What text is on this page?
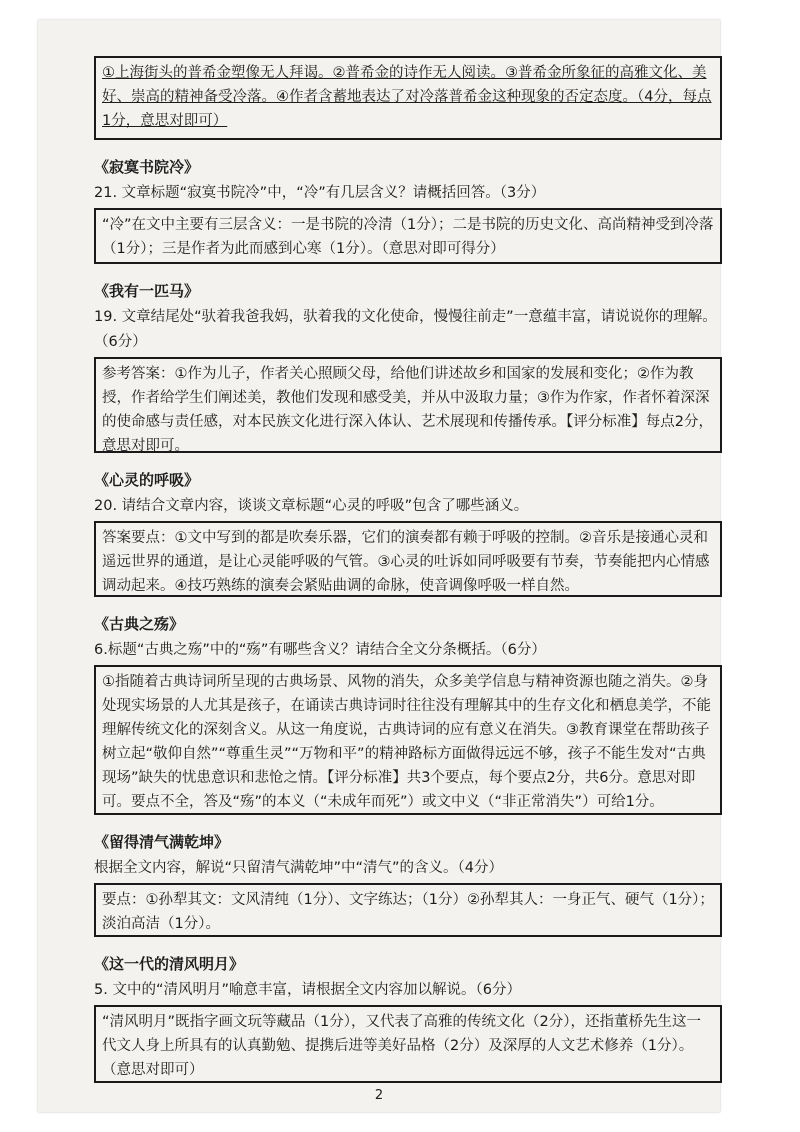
①上海街头的普希金塑像无人拜谒。②普希金的诗作无人阅读。③普希金所象征的高雅文化、美好、崇高的精神备受冷落。④作者含蓄地表达了对冷落普希金这种现象的否定态度。（4分，每点1分，意思对即可）
《寂寞书院冷》
21. 文章标题“寂寞书院冷”中，“冷”有几层含义？请概括回答。（3分）
“冷”在文中主要有三层含义：一是书院的冷清（1分）；二是书院的历史文化、高尚精神受到冷落（1分）；三是作者为此而感到心寒（1分）。（意思对即可得分）
《我有一匹马》
19. 文章结尾处“驮着我爸我妈，驮着我的文化使命，慢慢往前走”一意蕴丰富，请说说你的理解。（6分）
参考答案：①作为儿子，作者关心照顾父母，给他们讲述故乡和国家的发展和变化；②作为教授，作者给学生们阐述美，教他们发现和感受美，并从中汲取力量；③作为作家，作者怀着深深的使命感与责任感，对本民族文化进行深入体认、艺术展现和传播传承。【评分标准】每点2分，意思对即可。
《心灵的呼吸》
20. 请结合文章内容，谈谈文章标题“心灵的呼吸”包含了哪些涵义。
答案要点：①文中写到的都是吹奏乐器，它们的演奏都有赖于呼吸的控制。②音乐是接通心灵和遥远世界的通道，是让心灵能呼吸的气管。③心灵的吐诉如同呼吸要有节奏，节奏能把内心情感调动起来。④技巧熟练的演奏会紧贴曲调的命脉，使音调像呼吸一样自然。
《古典之殇》
6.标题“古典之殇”中的“殇”有哪些含义？请结合全文分条概括。（6分）
①指随着古典诗词所呈现的古典场景、风物的消失，众多美学信息与精神资源也随之消失。②身处现实场景的人尤其是孩子，在诵读古典诗词时往往没有理解其中的生存文化和栖息美学，不能理解传统文化的深刻含义。从这一角度说，古典诗词的应有意义在消失。③教育课堂在帮助孩子树立起“敬仰自然”“尊重生灵”“万物和平”的精神路标方面做得远远不够，孩子不能生发对“古典现场”缺失的忧患意识和悲怆之情。【评分标准】共3个要点，每个要点2分，共6分。意思对即可。要点不全，答及“殇”的本义（“未成年而死”）或文中义（“非正常消失”）可给1分。
《留得清气满乾坤》
根据全文内容，解说“只留清气满乾坤”中“清气”的含义。（4分）
要点：①孙犁其文：文风清纯（1分）、文字练达；（1分）②孙犁其人：一身正气、硬气（1分）；淡泊高洁（1分）。
《这一代的清风明月》
5. 文中的“清风明月”喻意丰富，请根据全文内容加以解说。（6分）
“清风明月”既指字画文玩等藏品（1分），又代表了高雅的传统文化（2分），还指董桥先生这一代文人身上所具有的认真勤勉、提携后进等美好品格（2分）及深厚的人文艺术修养（1分）。（意思对即可）
2
